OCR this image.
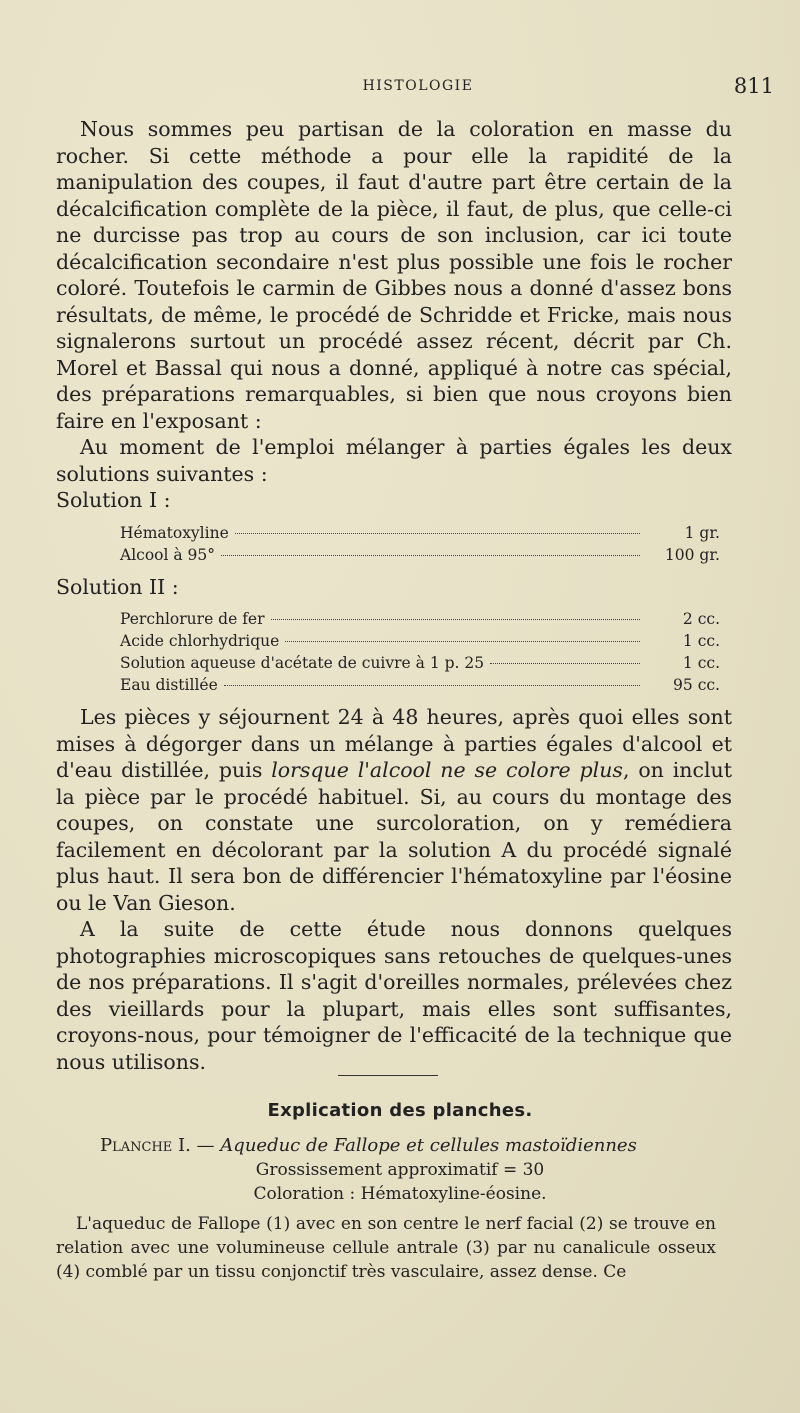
HISTOLOGIE	811

Nous sommes peu partisan de la coloration en masse du rocher. Si cette méthode a pour elle la rapidité de la manipulation des coupes, il faut d'autre part être certain de la décalcification complète de la pièce, il faut, de plus, que celle-ci ne durcisse pas trop au cours de son inclusion, car ici toute décalcification secondaire n'est plus possible une fois le rocher coloré. Toutefois le carmin de Gibbes nous a donné d'assez bons résultats, de même, le procédé de Schridde et Fricke, mais nous signalerons surtout un procédé assez récent, décrit par Ch. Morel et Bassal qui nous a donné, appliqué à notre cas spécial, des préparations remarquables, si bien que nous croyons bien faire en l'exposant :

Au moment de l'emploi mélanger à parties égales les deux solutions suivantes :

Solution I :

Hématoxyline	1 gr.
Alcool à 95°	100 gr.

Solution II :

Perchlorure de fer	2 cc.
Acide chlorhydrique	1 cc.
Solution aqueuse d'acétate de cuivre à 1 p. 25	1 cc.
Eau distillée	95 cc.

Les pièces y séjournent 24 à 48 heures, après quoi elles sont mises à dégorger dans un mélange à parties égales d'alcool et d'eau distillée, puis lorsque l'alcool ne se colore plus, on inclut la pièce par le procédé habituel. Si, au cours du montage des coupes, on constate une surcoloration, on y remédiera facilement en décolorant par la solution A du procédé signalé plus haut. Il sera bon de différencier l'hématoxyline par l'éosine ou le Van Gieson.

A la suite de cette étude nous donnons quelques photographies microscopiques sans retouches de quelques-unes de nos préparations. Il s'agit d'oreilles normales, prélevées chez des vieillards pour la plupart, mais elles sont suffisantes, croyons-nous, pour témoigner de l'efficacité de la technique que nous utilisons.

Explication des planches.
Planche I. — Aqueduc de Fallope et cellules mastoïdiennes
Grossissement approximatif = 30
Coloration : Hématoxyline-éosine.

L'aqueduc de Fallope (1) avec en son centre le nerf facial (2) se trouve en relation avec une volumineuse cellule antrale (3) par nu canalicule osseux (4) comblé par un tissu conjonctif très vasculaire, assez dense. Ce
